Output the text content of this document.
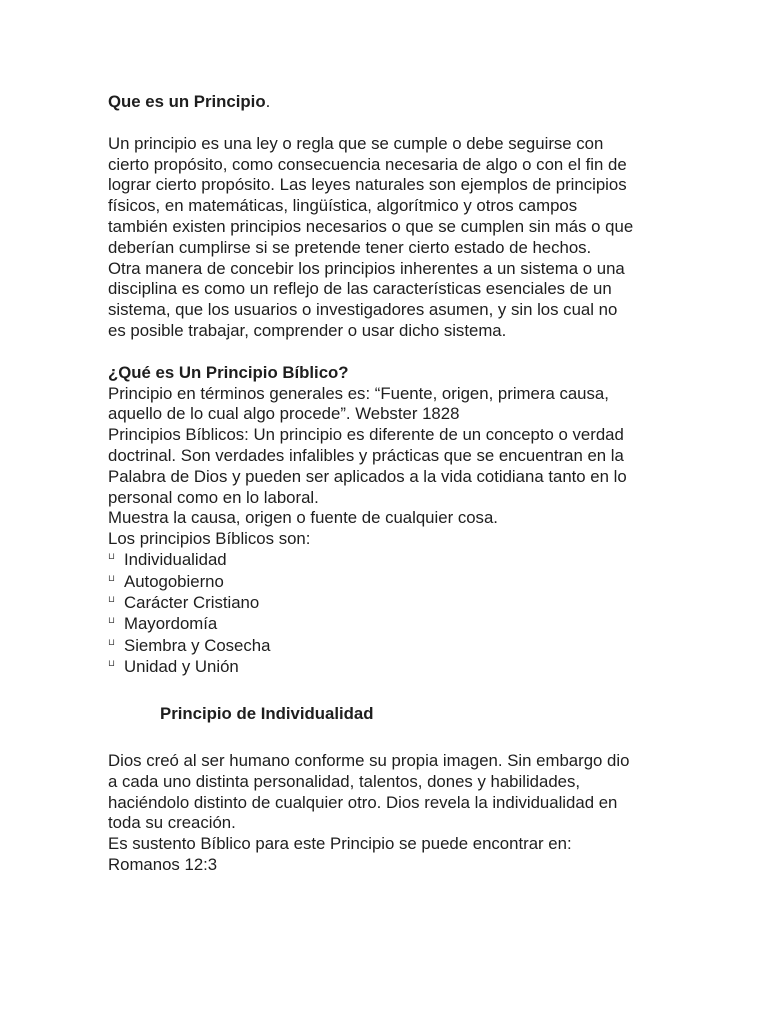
Que es un Principio.

Un principio es una ley o regla que se cumple o debe seguirse con

cierto propósito, como consecuencia necesaria de algo o con el fin de

lograr cierto propósito. Las leyes naturales son ejemplos de principios

físicos, en matemáticas, lingüística, algorítmico y otros campos

también existen principios necesarios o que se cumplen sin más o que

deberían cumplirse si se pretende tener cierto estado de hechos.

Otra manera de concebir los principios inherentes a un sistema o una

disciplina es como un reflejo de las características esenciales de un

sistema, que los usuarios o investigadores asumen, y sin los cual no

es posible trabajar, comprender o usar dicho sistema.

¿Qué es Un Principio Bíblico?

Principio en términos generales es: “Fuente, origen, primera causa,

aquello de lo cual algo procede”. Webster 1828

Principios Bíblicos: Un principio es diferente de un concepto o verdad

doctrinal. Son verdades infalibles y prácticas que se encuentran en la

Palabra de Dios y pueden ser aplicados a la vida cotidiana tanto en lo

personal como en lo laboral.

Muestra la causa, origen o fuente de cualquier cosa.

Los principios Bíblicos son:

⊔ Individualidad
⊔ Autogobierno
⊔ Carácter Cristiano
⊔ Mayordomía
⊔ Siembra y Cosecha
⊔ Unidad y Unión

Principio de Individualidad

Dios creó al ser humano conforme su propia imagen. Sin embargo dio

a cada uno distinta personalidad, talentos, dones y habilidades,

haciéndolo distinto de cualquier otro. Dios revela la individualidad en

toda su creación.

Es sustento Bíblico para este Principio se puede encontrar en:

Romanos 12:3
